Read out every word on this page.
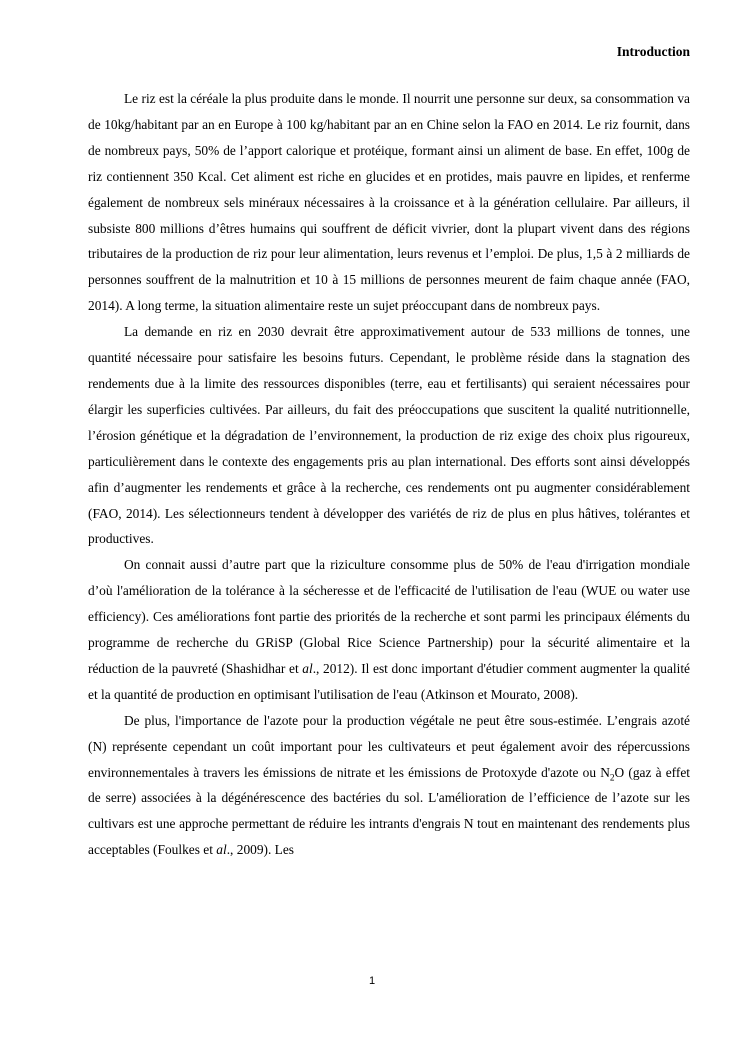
Introduction

Le riz est la céréale la plus produite dans le monde. Il nourrit une personne sur deux, sa consommation va de 10kg/habitant par an en Europe à 100 kg/habitant par an en Chine selon la FAO en 2014. Le riz fournit, dans de nombreux pays, 50% de l’apport calorique et protéique, formant ainsi un aliment de base. En effet, 100g de riz contiennent 350 Kcal. Cet aliment est riche en glucides et en protides, mais pauvre en lipides, et renferme également de nombreux sels minéraux nécessaires à la croissance et à la génération cellulaire. Par ailleurs, il subsiste 800 millions d’êtres humains qui souffrent de déficit vivrier, dont la plupart vivent dans des régions tributaires de la production de riz pour leur alimentation, leurs revenus et l’emploi. De plus, 1,5 à 2 milliards de personnes souffrent de la malnutrition et 10 à 15 millions de personnes meurent de faim chaque année (FAO, 2014). A long terme, la situation alimentaire reste un sujet préoccupant dans de nombreux pays.

La demande en riz en 2030 devrait être approximativement autour de 533 millions de tonnes, une quantité nécessaire pour satisfaire les besoins futurs. Cependant, le problème réside dans la stagnation des rendements due à la limite des ressources disponibles (terre, eau et fertilisants) qui seraient nécessaires pour élargir les superficies cultivées. Par ailleurs, du fait des préoccupations que suscitent la qualité nutritionnelle, l’érosion génétique et la dégradation de l’environnement, la production de riz exige des choix plus rigoureux, particulièrement dans le contexte des engagements pris au plan international. Des efforts sont ainsi développés afin d’augmenter les rendements et grâce à la recherche, ces rendements ont pu augmenter considérablement (FAO, 2014). Les sélectionneurs tendent à développer des variétés de riz de plus en plus hâtives, tolérantes et productives.

On connait aussi d’autre part que la riziculture consomme plus de 50% de l'eau d'irrigation mondiale d’où l'amélioration de la tolérance à la sécheresse et de l'efficacité de l'utilisation de l'eau (WUE ou water use efficiency). Ces améliorations font partie des priorités de la recherche et sont parmi les principaux éléments du programme de recherche du GRiSP (Global Rice Science Partnership) pour la sécurité alimentaire et la réduction de la pauvreté (Shashidhar et al., 2012). Il est donc important d'étudier comment augmenter la qualité et la quantité de production en optimisant l'utilisation de l'eau (Atkinson et Mourato, 2008).

De plus, l'importance de l'azote pour la production végétale ne peut être sous-estimée. L’engrais azoté (N) représente cependant un coût important pour les cultivateurs et peut également avoir des répercussions environnementales à travers les émissions de nitrate et les émissions de Protoxyde d'azote ou $N_2O$ (gaz à effet de serre) associées à la dégénérescence des bactéries du sol. L'amélioration de l’efficience de l’azote sur les cultivars est une approche permettant de réduire les intrants d'engrais N tout en maintenant des rendements plus acceptables (Foulkes et al., 2009). Les

1
